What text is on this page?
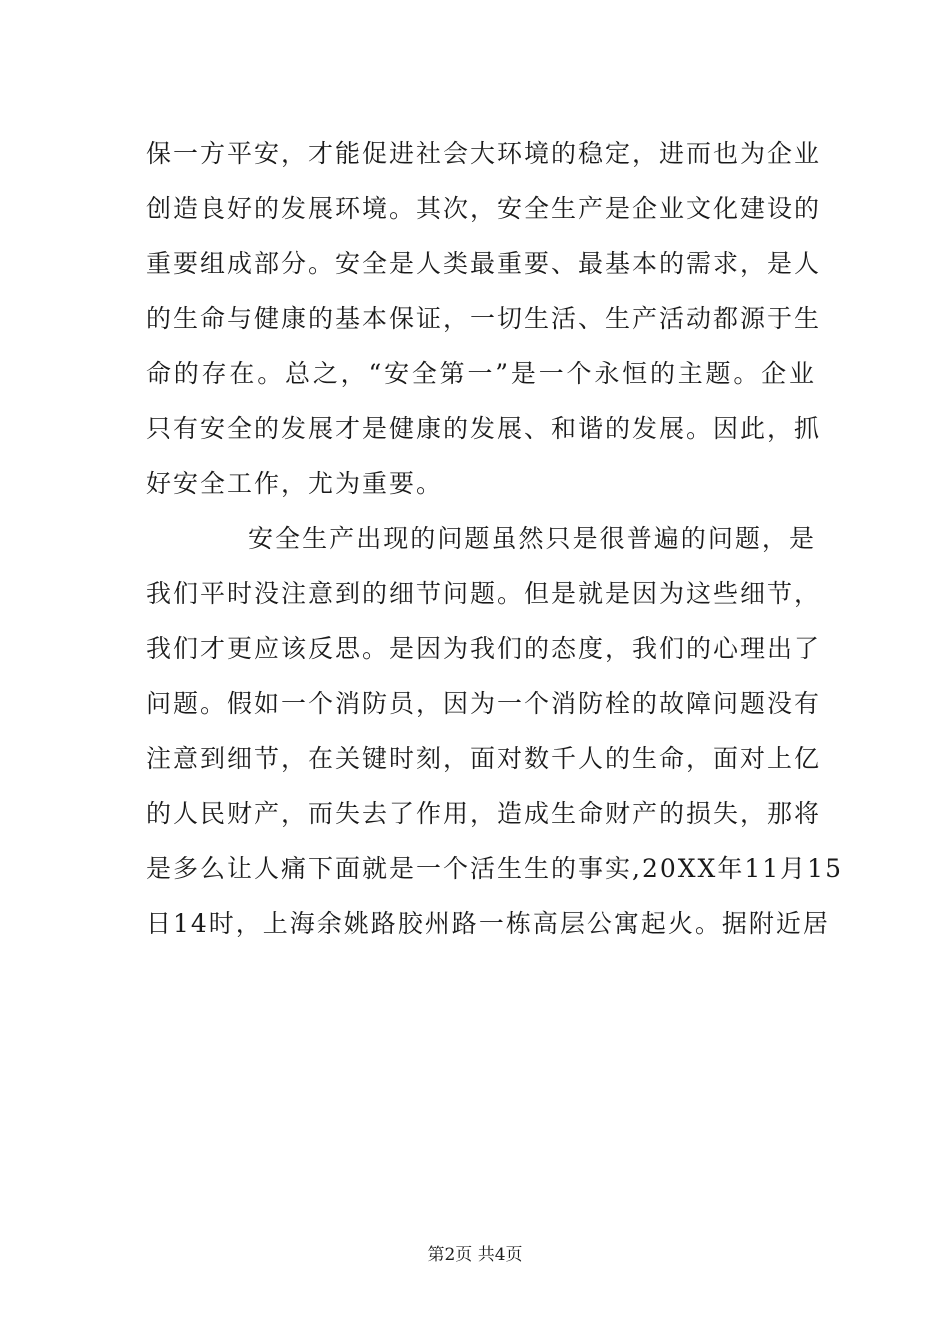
保一方平安，才能促进社会大环境的稳定，进而也为企业
创造良好的发展环境。其次，安全生产是企业文化建设的
重要组成部分。安全是人类最重要、最基本的需求，是人
的生命与健康的基本保证，一切生活、生产活动都源于生
命的存在。总之，“安全第一”是一个永恒的主题。企业
只有安全的发展才是健康的发展、和谐的发展。因此，抓
好安全工作，尤为重要。
安全生产出现的问题虽然只是很普遍的问题，是
我们平时没注意到的细节问题。但是就是因为这些细节，
我们才更应该反思。是因为我们的态度，我们的心理出了
问题。假如一个消防员，因为一个消防栓的故障问题没有
注意到细节，在关键时刻，面对数千人的生命，面对上亿
的人民财产，而失去了作用，造成生命财产的损失，那将
是多么让人痛下面就是一个活生生的事实,20XX年11月15
日14时，上海余姚路胶州路一栋高层公寓起火。据附近居
第2页 共4页
